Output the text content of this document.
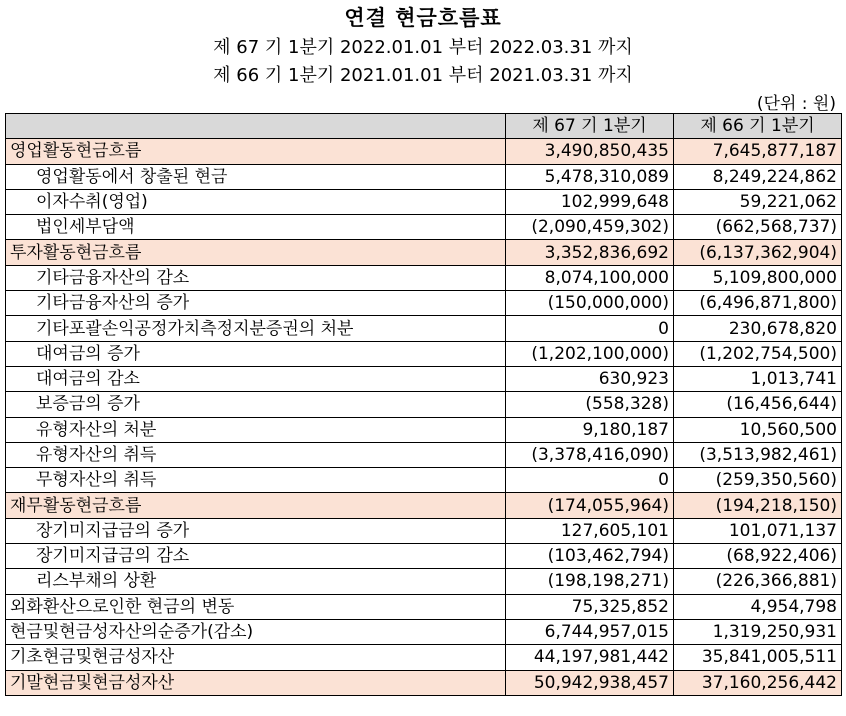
연결 현금흐름표
제 67 기 1분기 2022.01.01 부터 2022.03.31 까지
제 66 기 1분기 2021.01.01 부터 2021.03.31 까지
(단위 : 원)
	제 67 기 1분기	제 66 기 1분기
영업활동현금흐름	3,490,850,435	7,645,877,187
영업활동에서 창출된 현금	5,478,310,089	8,249,224,862
이자수취(영업)	102,999,648	59,221,062
법인세부담액	(2,090,459,302)	(662,568,737)
투자활동현금흐름	3,352,836,692	(6,137,362,904)
기타금융자산의 감소	8,074,100,000	5,109,800,000
기타금융자산의 증가	(150,000,000)	(6,496,871,800)
기타포괄손익공정가치측정지분증권의 처분	0	230,678,820
대여금의 증가	(1,202,100,000)	(1,202,754,500)
대여금의 감소	630,923	1,013,741
보증금의 증가	(558,328)	(16,456,644)
유형자산의 처분	9,180,187	10,560,500
유형자산의 취득	(3,378,416,090)	(3,513,982,461)
무형자산의 취득	0	(259,350,560)
재무활동현금흐름	(174,055,964)	(194,218,150)
장기미지급금의 증가	127,605,101	101,071,137
장기미지급금의 감소	(103,462,794)	(68,922,406)
리스부채의 상환	(198,198,271)	(226,366,881)
외화환산으로인한 현금의 변동	75,325,852	4,954,798
현금및현금성자산의순증가(감소)	6,744,957,015	1,319,250,931
기초현금및현금성자산	44,197,981,442	35,841,005,511
기말현금및현금성자산	50,942,938,457	37,160,256,442
